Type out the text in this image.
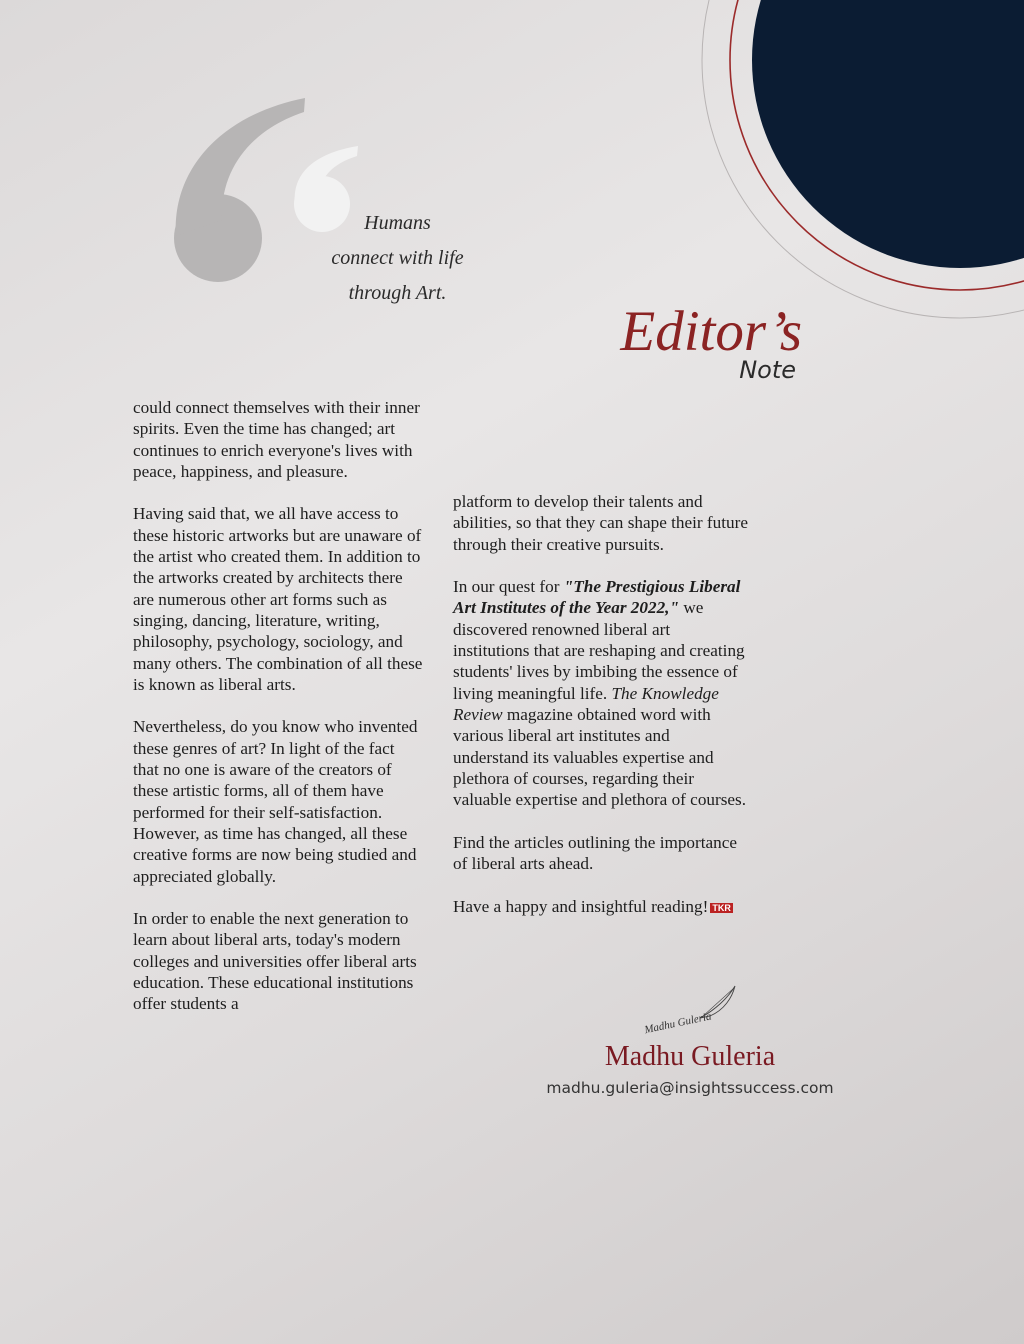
Humans
connect with life
through Art.
Editor’s
Note

could connect themselves with their inner spirits. Even the time has changed; art continues to enrich everyone's lives with peace, happiness, and pleasure.

Having said that, we all have access to these historic artworks but are unaware of the artist who created them. In addition to the artworks created by architects there are numerous other art forms such as singing, dancing, literature, writing, philosophy, psychology, sociology, and many others. The combination of all these is known as liberal arts.

Nevertheless, do you know who invented these genres of art? In light of the fact that no one is aware of the creators of these artistic forms, all of them have performed for their self-satisfaction. However, as time has changed, all these creative forms are now being studied and appreciated globally.

In order to enable the next generation to learn about liberal arts, today's modern colleges and universities offer liberal arts education. These educational institutions offer students a

platform to develop their talents and abilities, so that they can shape their future through their creative pursuits.

In our quest for "The Prestigious Liberal Art Institutes of the Year 2022," we discovered renowned liberal art institutions that are reshaping and creating students' lives by imbibing the essence of living meaningful life. The Knowledge Review magazine obtained word with various liberal art institutes and understand its valuables expertise and plethora of courses, regarding their valuable expertise and plethora of courses.

Find the articles outlining the importance of liberal arts ahead.

Have a happy and insightful reading! TKR

Madhu Guleria
Madhu Guleria
madhu.guleria@insightssuccess.com
